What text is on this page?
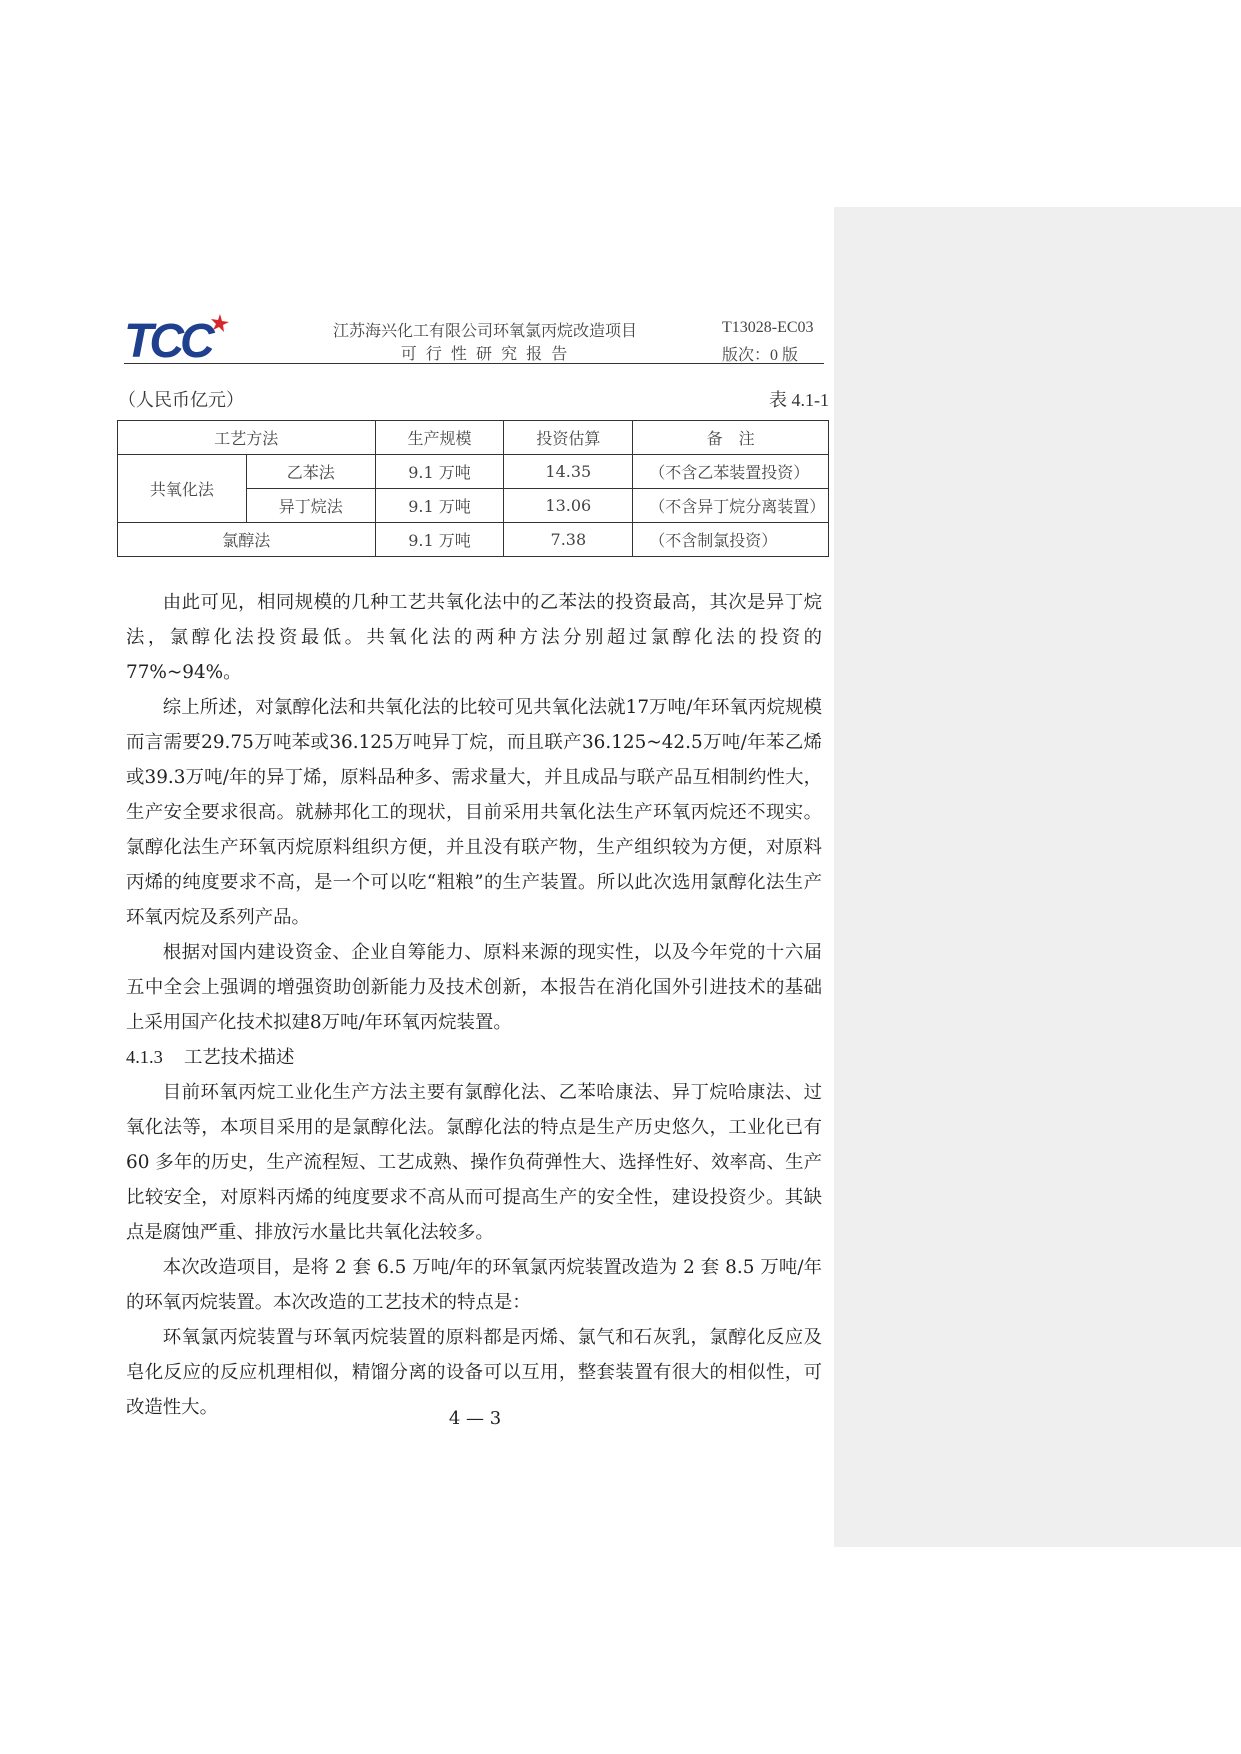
TCC	江苏海兴化工有限公司环氧氯丙烷改造项目
可 行 性 研 究 报 告
T13028-EC03
版次：0 版
（人民币亿元）	表 4.1-1
工艺方法		生产规模	投资估算	备　注
共氧化法	乙苯法	9.1 万吨	14.35	（不含乙苯装置投资）
	异丁烷法	9.1 万吨	13.06	（不含异丁烷分离装置）
氯醇法		9.1 万吨	7.38	（不含制氯投资）

由此可见，相同规模的几种工艺共氧化法中的乙苯法的投资最高，其次是异丁烷法，氯醇化法投资最低。共氧化法的两种方法分别超过氯醇化法的投资的77%~94%。

综上所述，对氯醇化法和共氧化法的比较可见共氧化法就17万吨/年环氧丙烷规模而言需要29.75万吨苯或36.125万吨异丁烷，而且联产36.125~42.5万吨/年苯乙烯或39.3万吨/年的异丁烯，原料品种多、需求量大，并且成品与联产品互相制约性大，生产安全要求很高。就赫邦化工的现状，目前采用共氧化法生产环氧丙烷还不现实。氯醇化法生产环氧丙烷原料组织方便，并且没有联产物，生产组织较为方便，对原料丙烯的纯度要求不高，是一个可以吃“粗粮”的生产装置。所以此次选用氯醇化法生产环氧丙烷及系列产品。

根据对国内建设资金、企业自筹能力、原料来源的现实性，以及今年党的十六届五中全会上强调的增强资助创新能力及技术创新，本报告在消化国外引进技术的基础上采用国产化技术拟建8万吨/年环氧丙烷装置。

4.1.3 工艺技术描述

目前环氧丙烷工业化生产方法主要有氯醇化法、乙苯哈康法、异丁烷哈康法、过氧化法等，本项目采用的是氯醇化法。氯醇化法的特点是生产历史悠久，工业化已有 60 多年的历史，生产流程短、工艺成熟、操作负荷弹性大、选择性好、效率高、生产比较安全，对原料丙烯的纯度要求不高从而可提高生产的安全性，建设投资少。其缺点是腐蚀严重、排放污水量比共氧化法较多。

本次改造项目，是将 2 套 6.5 万吨/年的环氧氯丙烷装置改造为 2 套 8.5 万吨/年的环氧丙烷装置。本次改造的工艺技术的特点是：

环氧氯丙烷装置与环氧丙烷装置的原料都是丙烯、氯气和石灰乳，氯醇化反应及皂化反应的反应机理相似，精馏分离的设备可以互用，整套装置有很大的相似性，可改造性大。

4 — 3
